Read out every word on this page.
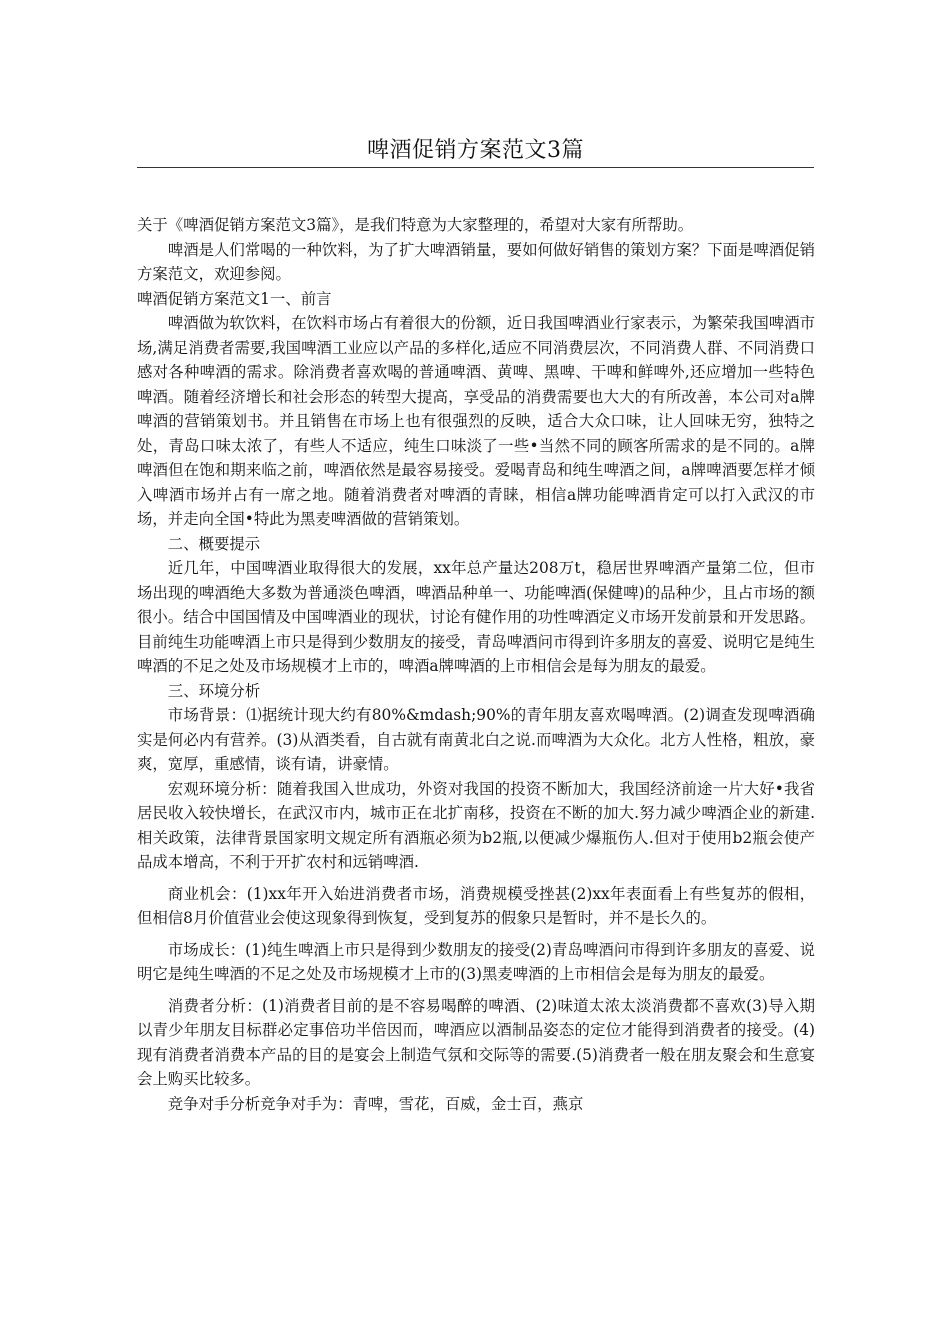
啤酒促销方案范文3篇

关于《啤酒促销方案范文3篇》，是我们特意为大家整理的，希望对大家有所帮助。

啤酒是人们常喝的一种饮料，为了扩大啤酒销量，要如何做好销售的策划方案？下面是啤酒促销方案范文，欢迎参阅。

啤酒促销方案范文1一、前言

啤酒做为软饮料，在饮料市场占有着很大的份额，近日我国啤酒业行家表示，为繁荣我国啤酒市场,满足消费者需要,我国啤酒工业应以产品的多样化,适应不同消费层次，不同消费人群、不同消费口感对各种啤酒的需求。除消费者喜欢喝的普通啤酒、黄啤、黑啤、干啤和鲜啤外,还应增加一些特色啤酒。随着经济增长和社会形态的转型大提高，享受品的消费需要也大大的有所改善，本公司对a牌啤酒的营销策划书。并且销售在市场上也有很强烈的反映，适合大众口味，让人回味无穷，独特之处，青岛口味太浓了，有些人不适应，纯生口味淡了一些•当然不同的顾客所需求的是不同的。a牌啤酒但在饱和期来临之前，啤酒依然是最容易接受。爱喝青岛和纯生啤酒之间，a牌啤酒要怎样才倾入啤酒市场并占有一席之地。随着消费者对啤酒的青睐，相信a牌功能啤酒肯定可以打入武汉的市场，并走向全国•特此为黑麦啤酒做的营销策划。

二、概要提示

近几年，中国啤酒业取得很大的发展，xx年总产量达208万t，稳居世界啤酒产量第二位，但市场出现的啤酒绝大多数为普通淡色啤酒，啤酒品种单一、功能啤酒(保健啤)的品种少，且占市场的额很小。结合中国国情及中国啤酒业的现状，讨论有健作用的功性啤酒定义市场开发前景和开发思路。目前纯生功能啤酒上市只是得到少数朋友的接受，青岛啤酒问市得到许多朋友的喜爱、说明它是纯生啤酒的不足之处及市场规模才上市的，啤酒a牌啤酒的上市相信会是每为朋友的最爱。

三、环境分析

市场背景：⑴据统计现大约有80%&mdash;90%的青年朋友喜欢喝啤酒。(2)调查发现啤酒确实是何必内有营养。(3)从酒类看，自古就有南黄北白之说.而啤酒为大众化。北方人性格，粗放，豪爽，宽厚，重感情，谈有请，讲豪情。

宏观环境分析：随着我国入世成功，外资对我国的投资不断加大，我国经济前途一片大好•我省居民收入较快增长，在武汉市内，城市正在北扩南移，投资在不断的加大.努力减少啤酒企业的新建.相关政策，法律背景国家明文规定所有酒瓶必须为b2瓶,以便减少爆瓶伤人.但对于使用b2瓶会使产品成本增高，不利于开扩农村和远销啤酒.

商业机会：(1)xx年开入始进消费者市场，消费规模受挫甚(2)xx年表面看上有些复苏的假相，但相信8月价值营业会使这现象得到恢复，受到复苏的假象只是暂时，并不是长久的。

市场成长：(1)纯生啤酒上市只是得到少数朋友的接受(2)青岛啤酒问市得到许多朋友的喜爱、说明它是纯生啤酒的不足之处及市场规模才上市的(3)黑麦啤酒的上市相信会是每为朋友的最爱。

消费者分析：(1)消费者目前的是不容易喝醉的啤酒、(2)味道太浓太淡消费都不喜欢(3)导入期以青少年朋友目标群必定事倍功半倍因而，啤酒应以酒制品姿态的定位才能得到消费者的接受。(4)现有消费者消费本产品的目的是宴会上制造气氛和交际等的需要.(5)消费者一般在朋友聚会和生意宴会上购买比较多。

竞争对手分析竞争对手为：青啤，雪花，百威，金士百，燕京
